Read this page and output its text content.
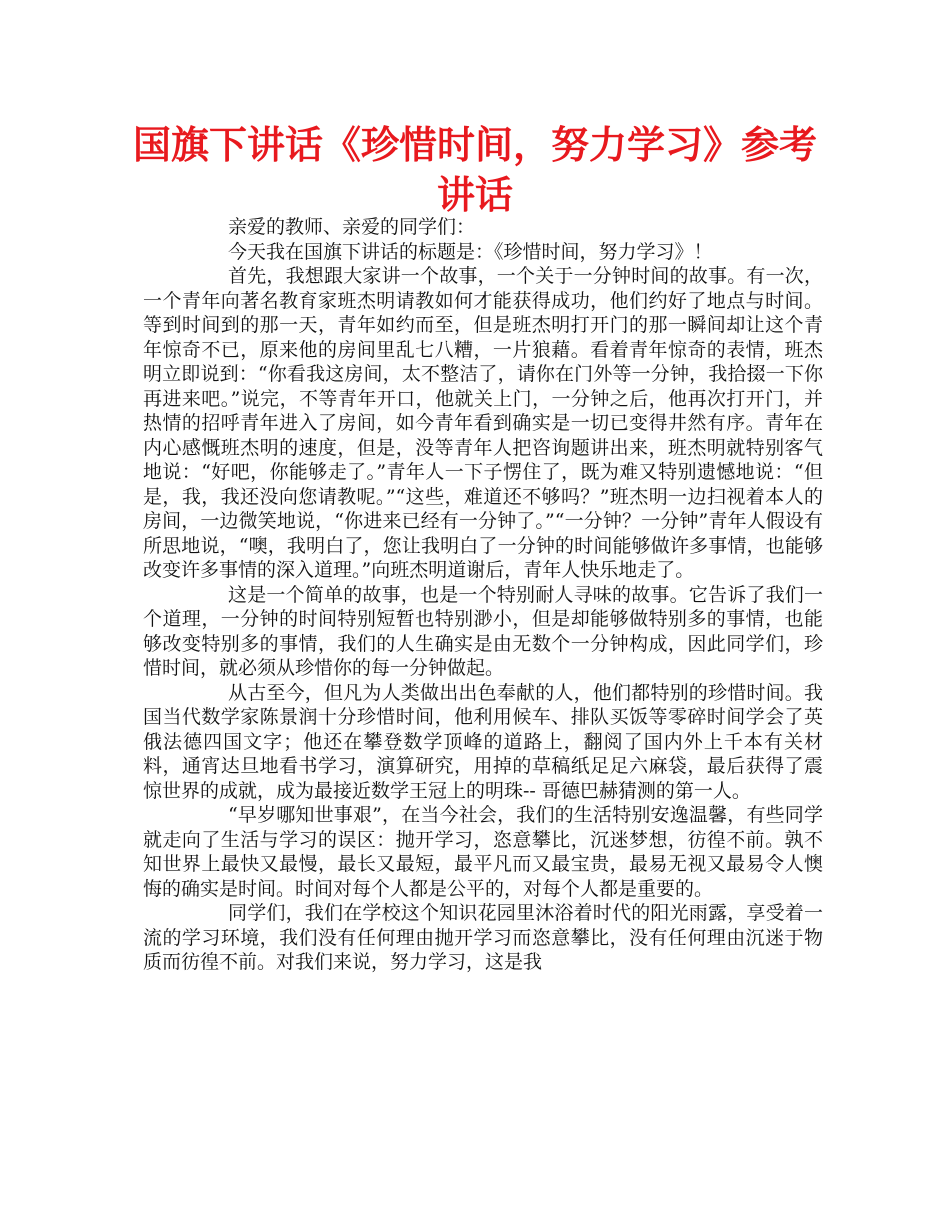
国旗下讲话《珍惜时间，努力学习》参考
讲话

亲爱的教师、亲爱的同学们：

今天我在国旗下讲话的标题是：《珍惜时间，努力学习》！

首先，我想跟大家讲一个故事，一个关于一分钟时间的故事。有一次，一个青年向著名教育家班杰明请教如何才能获得成功，他们约好了地点与时间。等到时间到的那一天，青年如约而至，但是班杰明打开门的那一瞬间却让这个青年惊奇不已，原来他的房间里乱七八糟，一片狼藉。看着青年惊奇的表情，班杰明立即说到：“你看我这房间，太不整洁了，请你在门外等一分钟，我拾掇一下你再进来吧。”说完，不等青年开口，他就关上门，一分钟之后，他再次打开门，并热情的招呼青年进入了房间，如今青年看到确实是一切已变得井然有序。青年在内心感慨班杰明的速度，但是，没等青年人把咨询题讲出来，班杰明就特别客气地说：“好吧，你能够走了。”青年人一下子愣住了，既为难又特别遗憾地说：“但是，我，我还没向您请教呢。”“这些，难道还不够吗？”班杰明一边扫视着本人的房间，一边微笑地说，“你进来已经有一分钟了。”“一分钟？一分钟”青年人假设有所思地说，“噢，我明白了，您让我明白了一分钟的时间能够做许多事情，也能够改变许多事情的深入道理。”向班杰明道谢后，青年人快乐地走了。

这是一个简单的故事，也是一个特别耐人寻味的故事。它告诉了我们一个道理，一分钟的时间特别短暂也特别渺小，但是却能够做特别多的事情，也能够改变特别多的事情，我们的人生确实是由无数个一分钟构成，因此同学们，珍惜时间，就必须从珍惜你的每一分钟做起。

从古至今，但凡为人类做出出色奉献的人，他们都特别的珍惜时间。我国当代数学家陈景润十分珍惜时间，他利用候车、排队买饭等零碎时间学会了英俄法德四国文字；他还在攀登数学顶峰的道路上，翻阅了国内外上千本有关材料，通宵达旦地看书学习，演算研究，用掉的草稿纸足足六麻袋，最后获得了震惊世界的成就，成为最接近数学王冠上的明珠-- 哥德巴赫猜测的第一人。

“早岁哪知世事艰”，在当今社会，我们的生活特别安逸温馨，有些同学就走向了生活与学习的误区：抛开学习，恣意攀比，沉迷梦想，彷徨不前。孰不知世界上最快又最慢，最长又最短，最平凡而又最宝贵，最易无视又最易令人懊悔的确实是时间。时间对每个人都是公平的，对每个人都是重要的。

同学们，我们在学校这个知识花园里沐浴着时代的阳光雨露，享受着一流的学习环境，我们没有任何理由抛开学习而恣意攀比，没有任何理由沉迷于物质而彷徨不前。对我们来说，努力学习，这是我
